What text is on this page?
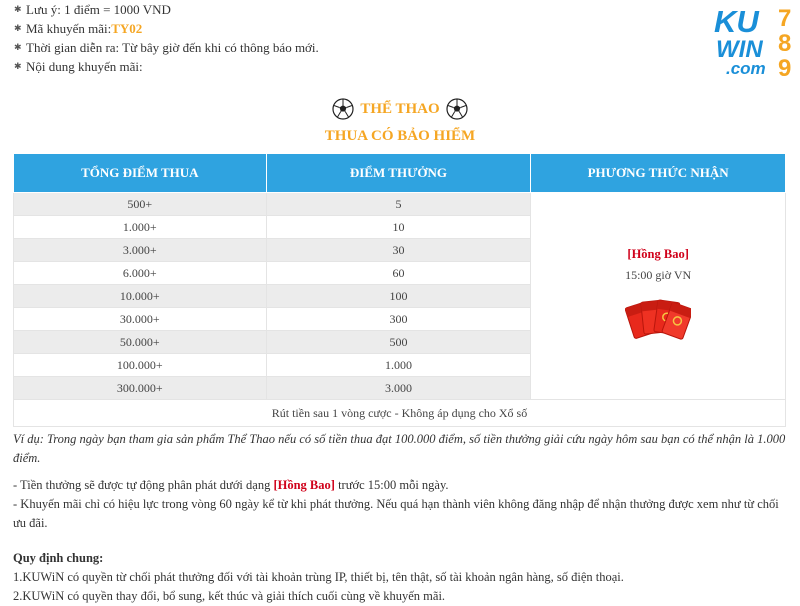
✱ Lưu ý: 1 điểm = 1000 VND
✱ Mã khuyến mãi: TY02
✱ Thời gian diễn ra: Từ bây giờ đến khi có thông báo mới.
✱ Nội dung khuyến mãi:
KU
WIN
.com
7
8
9
THỂ THAO
THUA CÓ BẢO HIỂM
TỔNG ĐIỂM THUA	ĐIỂM THƯỞNG	PHƯƠNG THỨC NHẬN
500+	5	[Hồng Bao]
15:00 giờ VN

1.000+	10	
3.000+	30	
6.000+	60	
10.000+	100	
30.000+	300	
50.000+	500	
100.000+	1.000	
300.000+	3.000	
Rút tiền sau 1 vòng cược - Không áp dụng cho Xổ số		

Ví dụ: Trong ngày bạn tham gia sản phẩm Thể Thao nếu có số tiền thua đạt 100.000 điểm, số tiền thưởng giải cứu ngày hôm sau bạn có thể nhận là 1.000 điểm.

- Tiền thưởng sẽ được tự động phân phát dưới dạng [Hồng Bao] trước 15:00 mỗi ngày.

- Khuyến mãi chỉ có hiệu lực trong vòng 60 ngày kể từ khi phát thưởng. Nếu quá hạn thành viên không đăng nhập để nhận thưởng được xem như từ chối ưu đãi.

Quy định chung:

1.KUWiN có quyền từ chối phát thưởng đối với tài khoản trùng IP, thiết bị, tên thật, số tài khoản ngân hàng, số điện thoại.

2.KUWiN có quyền thay đổi, bổ sung, kết thúc và giải thích cuối cùng về khuyến mãi.
